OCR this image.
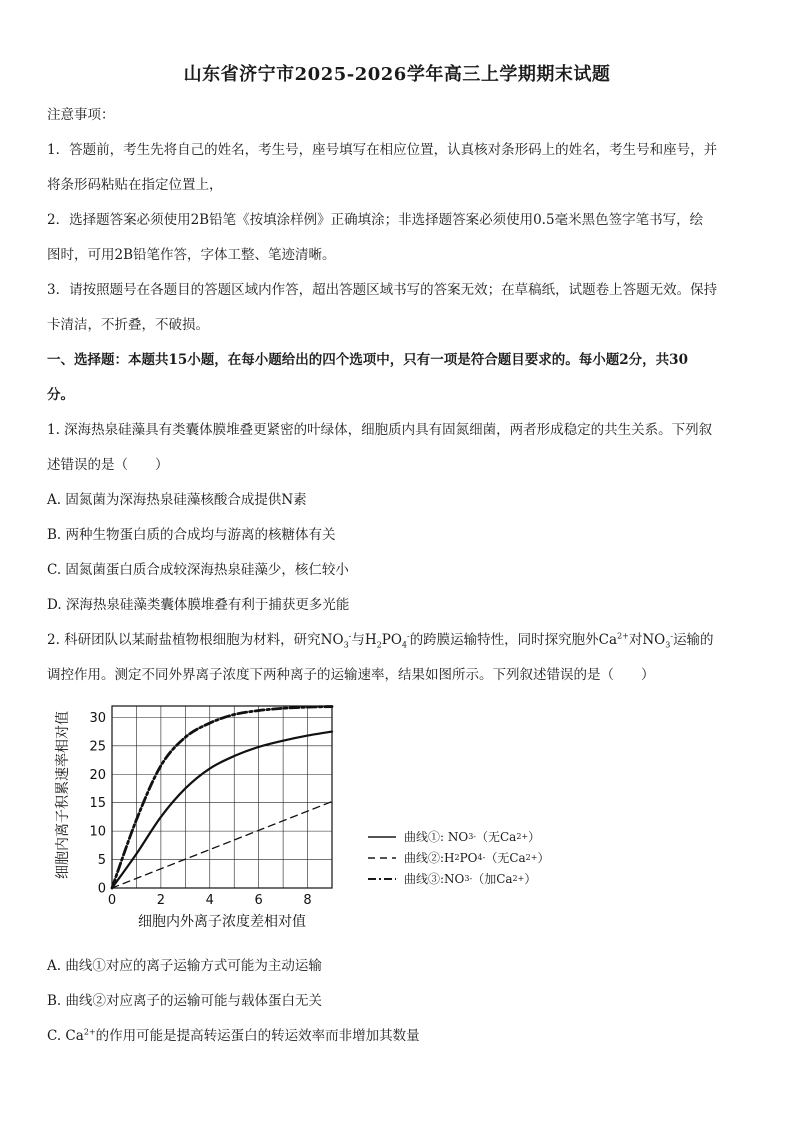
山东省济宁市2025-2026学年高三上学期期末试题
注意事项：
1．答题前，考生先将自己的姓名，考生号，座号填写在相应位置，认真核对条形码上的姓名，考生号和座号，并
将条形码粘贴在指定位置上，
2．选择题答案必须使用2B铅笔《按填涂样例》正确填涂；非选择题答案必须使用0.5毫米黑色签字笔书写，绘
图时，可用2B铅笔作答，字体工整、笔迹清晰。
3．请按照题号在各题目的答题区域内作答，超出答题区域书写的答案无效；在草稿纸，试题卷上答题无效。保持
卡清洁，不折叠，不破损。
一、选择题：本题共15小题，在每小题给出的四个选项中，只有一项是符合题目要求的。每小题2分，共30
分。
1. 深海热泉硅藻具有类囊体膜堆叠更紧密的叶绿体，细胞质内具有固氮细菌，两者形成稳定的共生关系。下列叙
述错误的是（　　）
A. 固氮菌为深海热泉硅藻核酸合成提供N素
B. 两种生物蛋白质的合成均与游离的核糖体有关
C. 固氮菌蛋白质合成较深海热泉硅藻少，核仁较小
D. 深海热泉硅藻类囊体膜堆叠有利于捕获更多光能
2. 科研团队以某耐盐植物根细胞为材料，研究$NO_3^-$与$H_2PO_4^-$的跨膜运输特性，同时探究胞外$Ca^{2+}$对$NO_3^-$运输的
调控作用。测定不同外界离子浓度下两种离子的运输速率，结果如图所示。下列叙述错误的是（　　）
0	2	4	6	8
0
5
10
15
20
25
30
细胞内外离子浓度差相对值
细胞内离子积累速率相对值	曲线①: NO 3 - （无Ca 2+ ）
曲线②:H 2 PO 4 - （无Ca 2+ ）
曲线③:NO 3 - （加Ca 2+ ）
A. 曲线①对应的离子运输方式可能为主动运输
B. 曲线②对应离子的运输可能与载体蛋白无关
C. $Ca^{2+}$的作用可能是提高转运蛋白的转运效率而非增加其数量
